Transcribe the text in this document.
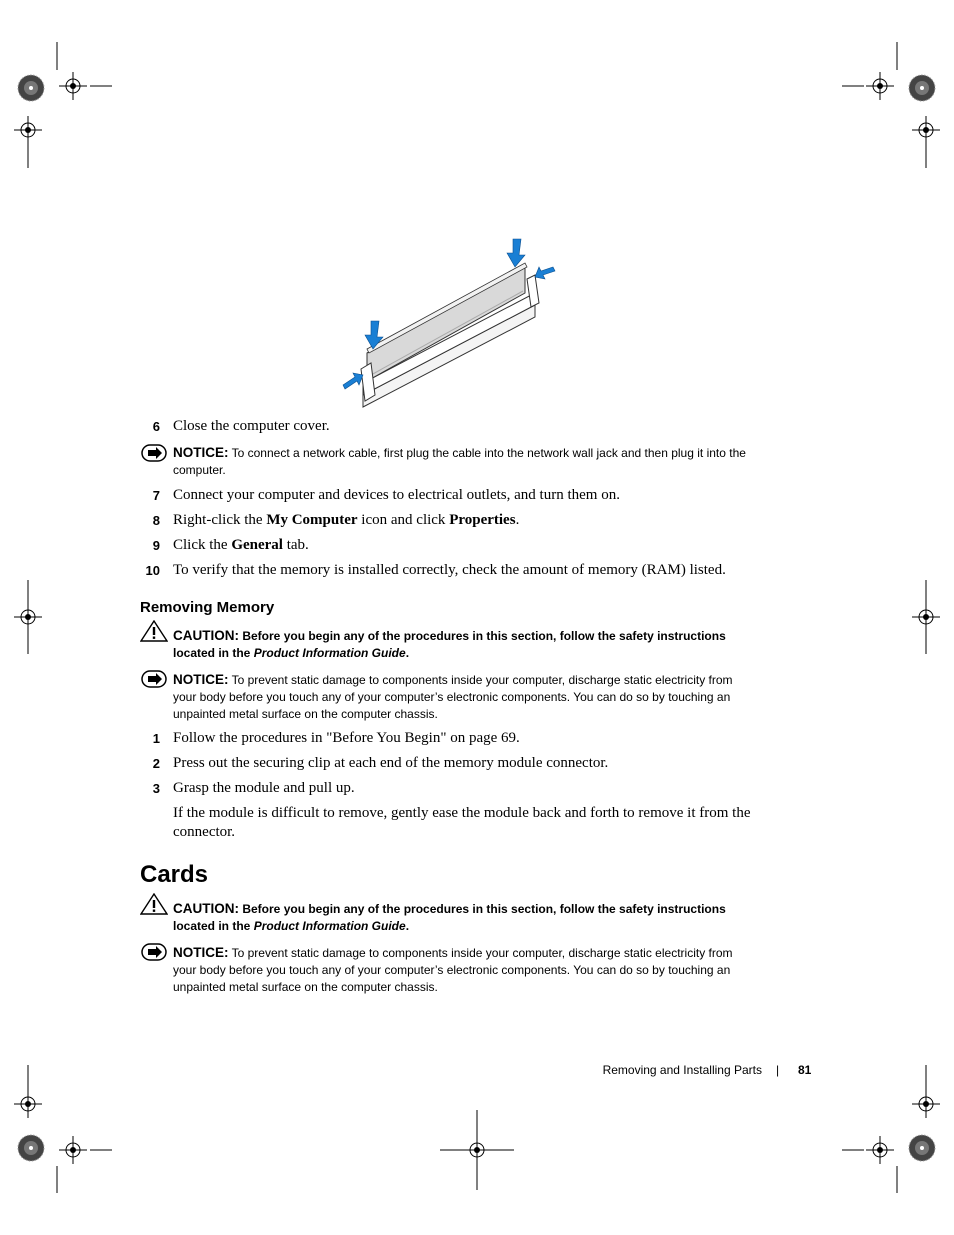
6 Close the computer cover.
NOTICE: To connect a network cable, first plug the cable into the network wall jack and then plug it into the computer.
7 Connect your computer and devices to electrical outlets, and turn them on.
8 Right-click the My Computer icon and click Properties.
9 Click the General tab.
10 To verify that the memory is installed correctly, check the amount of memory (RAM) listed.
Removing Memory
CAUTION: Before you begin any of the procedures in this section, follow the safety instructions located in the Product Information Guide.
NOTICE: To prevent static damage to components inside your computer, discharge static electricity from your body before you touch any of your computer’s electronic components. You can do so by touching an unpainted metal surface on the computer chassis.
1 Follow the procedures in "Before You Begin" on page 69.
2 Press out the securing clip at each end of the memory module connector.
3 Grasp the module and pull up.
If the module is difficult to remove, gently ease the module back and forth to remove it from the connector.
Cards
CAUTION: Before you begin any of the procedures in this section, follow the safety instructions located in the Product Information Guide.
NOTICE: To prevent static damage to components inside your computer, discharge static electricity from your body before you touch any of your computer’s electronic components. You can do so by touching an unpainted metal surface on the computer chassis.
Removing and Installing Parts | 81
